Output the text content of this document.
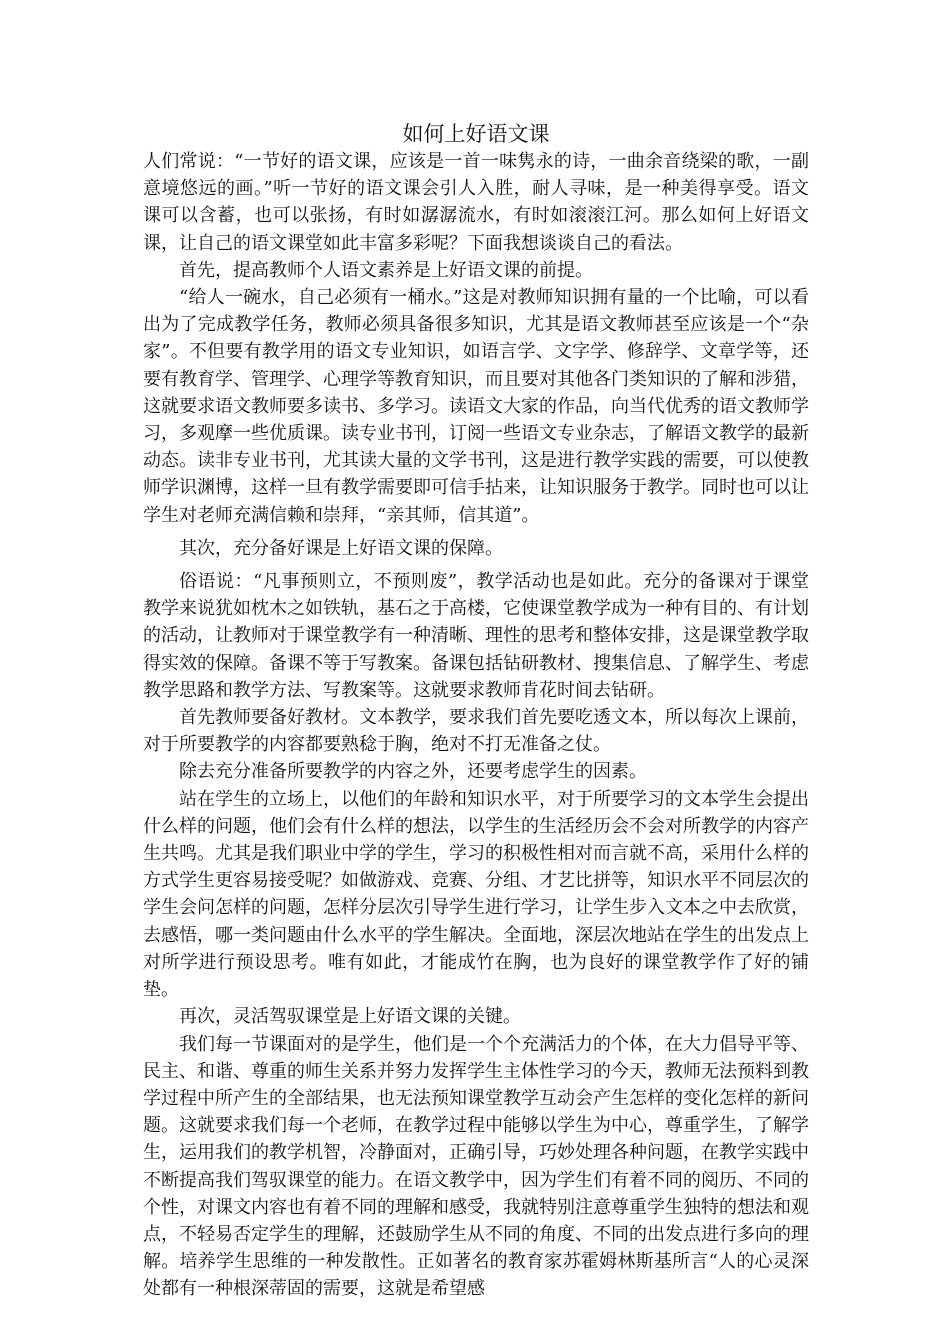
如何上好语文课

人们常说：“一节好的语文课，应该是一首一味隽永的诗，一曲余音绕梁的歌，一副意境悠远的画。”听一节好的语文课会引人入胜，耐人寻味，是一种美得享受。语文课可以含蓄，也可以张扬，有时如潺潺流水，有时如滚滚江河。那么如何上好语文课，让自己的语文课堂如此丰富多彩呢？下面我想谈谈自己的看法。

首先，提高教师个人语文素养是上好语文课的前提。

“给人一碗水，自己必须有一桶水。”这是对教师知识拥有量的一个比喻，可以看出为了完成教学任务，教师必须具备很多知识，尤其是语文教师甚至应该是一个“杂家”。不但要有教学用的语文专业知识，如语言学、文字学、修辞学、文章学等，还要有教育学、管理学、心理学等教育知识，而且要对其他各门类知识的了解和涉猎，这就要求语文教师要多读书、多学习。读语文大家的作品，向当代优秀的语文教师学习，多观摩一些优质课。读专业书刊，订阅一些语文专业杂志，了解语文教学的最新动态。读非专业书刊，尤其读大量的文学书刊，这是进行教学实践的需要，可以使教师学识渊博，这样一旦有教学需要即可信手拈来，让知识服务于教学。同时也可以让学生对老师充满信赖和崇拜，“亲其师，信其道”。

其次，充分备好课是上好语文课的保障。

俗语说：“凡事预则立，不预则废”，教学活动也是如此。充分的备课对于课堂教学来说犹如枕木之如铁轨，基石之于高楼，它使课堂教学成为一种有目的、有计划的活动，让教师对于课堂教学有一种清晰、理性的思考和整体安排，这是课堂教学取得实效的保障。备课不等于写教案。备课包括钻研教材、搜集信息、了解学生、考虑教学思路和教学方法、写教案等。这就要求教师肯花时间去钻研。

首先教师要备好教材。文本教学，要求我们首先要吃透文本，所以每次上课前，对于所要教学的内容都要熟稔于胸，绝对不打无准备之仗。

除去充分准备所要教学的内容之外，还要考虑学生的因素。

站在学生的立场上，以他们的年龄和知识水平，对于所要学习的文本学生会提出什么样的问题，他们会有什么样的想法，以学生的生活经历会不会对所教学的内容产生共鸣。尤其是我们职业中学的学生，学习的积极性相对而言就不高，采用什么样的方式学生更容易接受呢？如做游戏、竞赛、分组、才艺比拼等，知识水平不同层次的学生会问怎样的问题，怎样分层次引导学生进行学习，让学生步入文本之中去欣赏，去感悟，哪一类问题由什么水平的学生解决。全面地，深层次地站在学生的出发点上对所学进行预设思考。唯有如此，才能成竹在胸，也为良好的课堂教学作了好的铺垫。

再次，灵活驾驭课堂是上好语文课的关键。

我们每一节课面对的是学生，他们是一个个充满活力的个体，在大力倡导平等、民主、和谐、尊重的师生关系并努力发挥学生主体性学习的今天，教师无法预料到教学过程中所产生的全部结果，也无法预知课堂教学互动会产生怎样的变化怎样的新问题。这就要求我们每一个老师，在教学过程中能够以学生为中心，尊重学生，了解学生，运用我们的教学机智，冷静面对，正确引导，巧妙处理各种问题，在教学实践中不断提高我们驾驭课堂的能力。在语文教学中，因为学生们有着不同的阅历、不同的个性，对课文内容也有着不同的理解和感受，我就特别注意尊重学生独特的想法和观点，不轻易否定学生的理解，还鼓励学生从不同的角度、不同的出发点进行多向的理解。培养学生思维的一种发散性。正如著名的教育家苏霍姆林斯基所言“人的心灵深处都有一种根深蒂固的需要，这就是希望感
